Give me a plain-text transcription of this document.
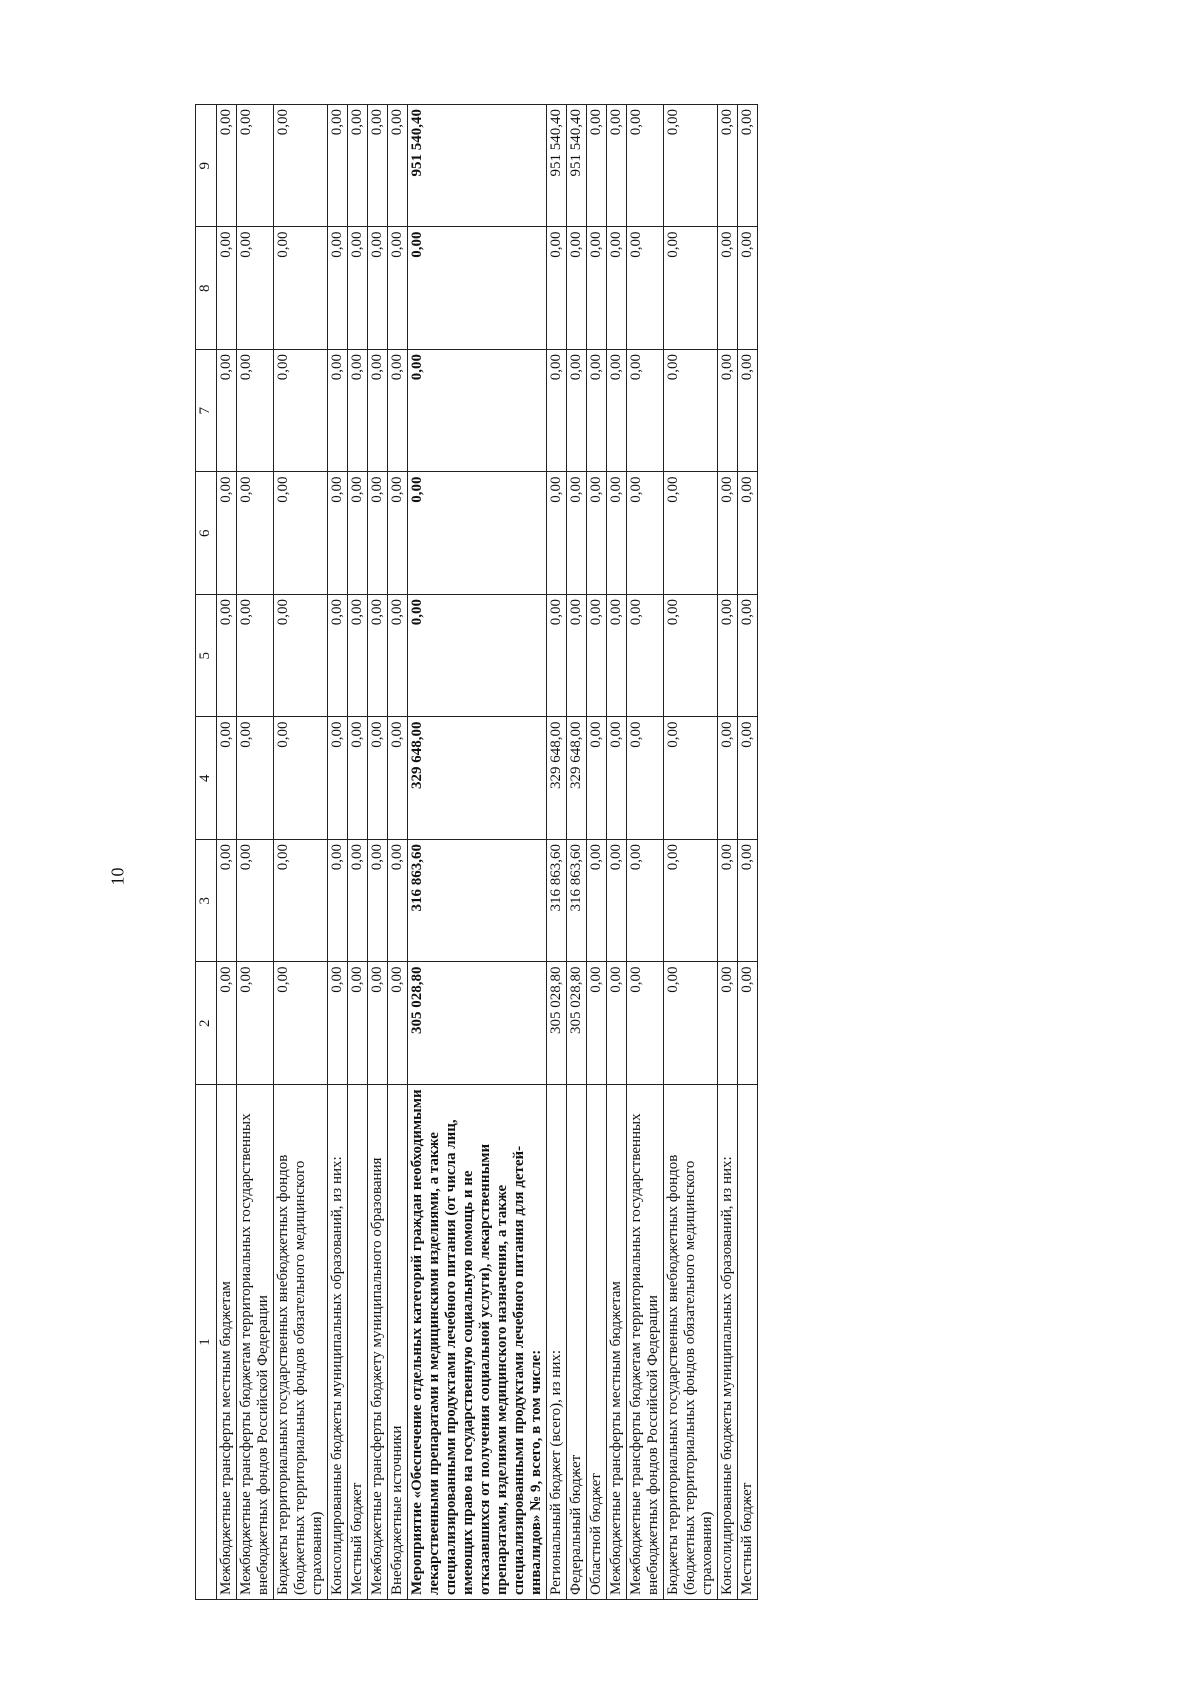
10
1	2	3	4	5	6	7	8	9
Межбюджетные трансферты местным бюджетам	0,00	0,00	0,00	0,00	0,00	0,00	0,00	0,00
Межбюджетные трансферты бюджетам территориальных государственных внебюджетных фондов Российской Федерации	0,00	0,00	0,00	0,00	0,00	0,00	0,00	0,00
Бюджеты территориальных государственных внебюджетных фондов (бюджетных территориальных фондов обязательного медицинского страхования)	0,00	0,00	0,00	0,00	0,00	0,00	0,00	0,00
Консолидированные бюджеты муниципальных образований, из них:	0,00	0,00	0,00	0,00	0,00	0,00	0,00	0,00
Местный бюджет	0,00	0,00	0,00	0,00	0,00	0,00	0,00	0,00
Межбюджетные трансферты бюджету муниципального образования	0,00	0,00	0,00	0,00	0,00	0,00	0,00	0,00
Внебюджетные источники	0,00	0,00	0,00	0,00	0,00	0,00	0,00	0,00
Мероприятие «Обеспечение отдельных категорий граждан необходимыми лекарственными препаратами и медицинскими изделиями, а также специализированными продуктами лечебного питания (от числа лиц, имеющих право на государственную социальную помощь и не отказавшихся от получения социальной услуги), лекарственными препаратами, изделиями медицинского назначения, а также специализированными продуктами лечебного питания для детей-инвалидов» № 9, всего, в том числе:	305 028,80	316 863,60	329 648,00	0,00	0,00	0,00	0,00	951 540,40
Региональный бюджет (всего), из них:	305 028,80	316 863,60	329 648,00	0,00	0,00	0,00	0,00	951 540,40
Федеральный бюджет	305 028,80	316 863,60	329 648,00	0,00	0,00	0,00	0,00	951 540,40
Областной бюджет	0,00	0,00	0,00	0,00	0,00	0,00	0,00	0,00
Межбюджетные трансферты местным бюджетам	0,00	0,00	0,00	0,00	0,00	0,00	0,00	0,00
Межбюджетные трансферты бюджетам территориальных государственных внебюджетных фондов Российской Федерации	0,00	0,00	0,00	0,00	0,00	0,00	0,00	0,00
Бюджеты территориальных государственных внебюджетных фондов (бюджетных территориальных фондов обязательного медицинского страхования)	0,00	0,00	0,00	0,00	0,00	0,00	0,00	0,00
Консолидированные бюджеты муниципальных образований, из них:	0,00	0,00	0,00	0,00	0,00	0,00	0,00	0,00
Местный бюджет	0,00	0,00	0,00	0,00	0,00	0,00	0,00	0,00
